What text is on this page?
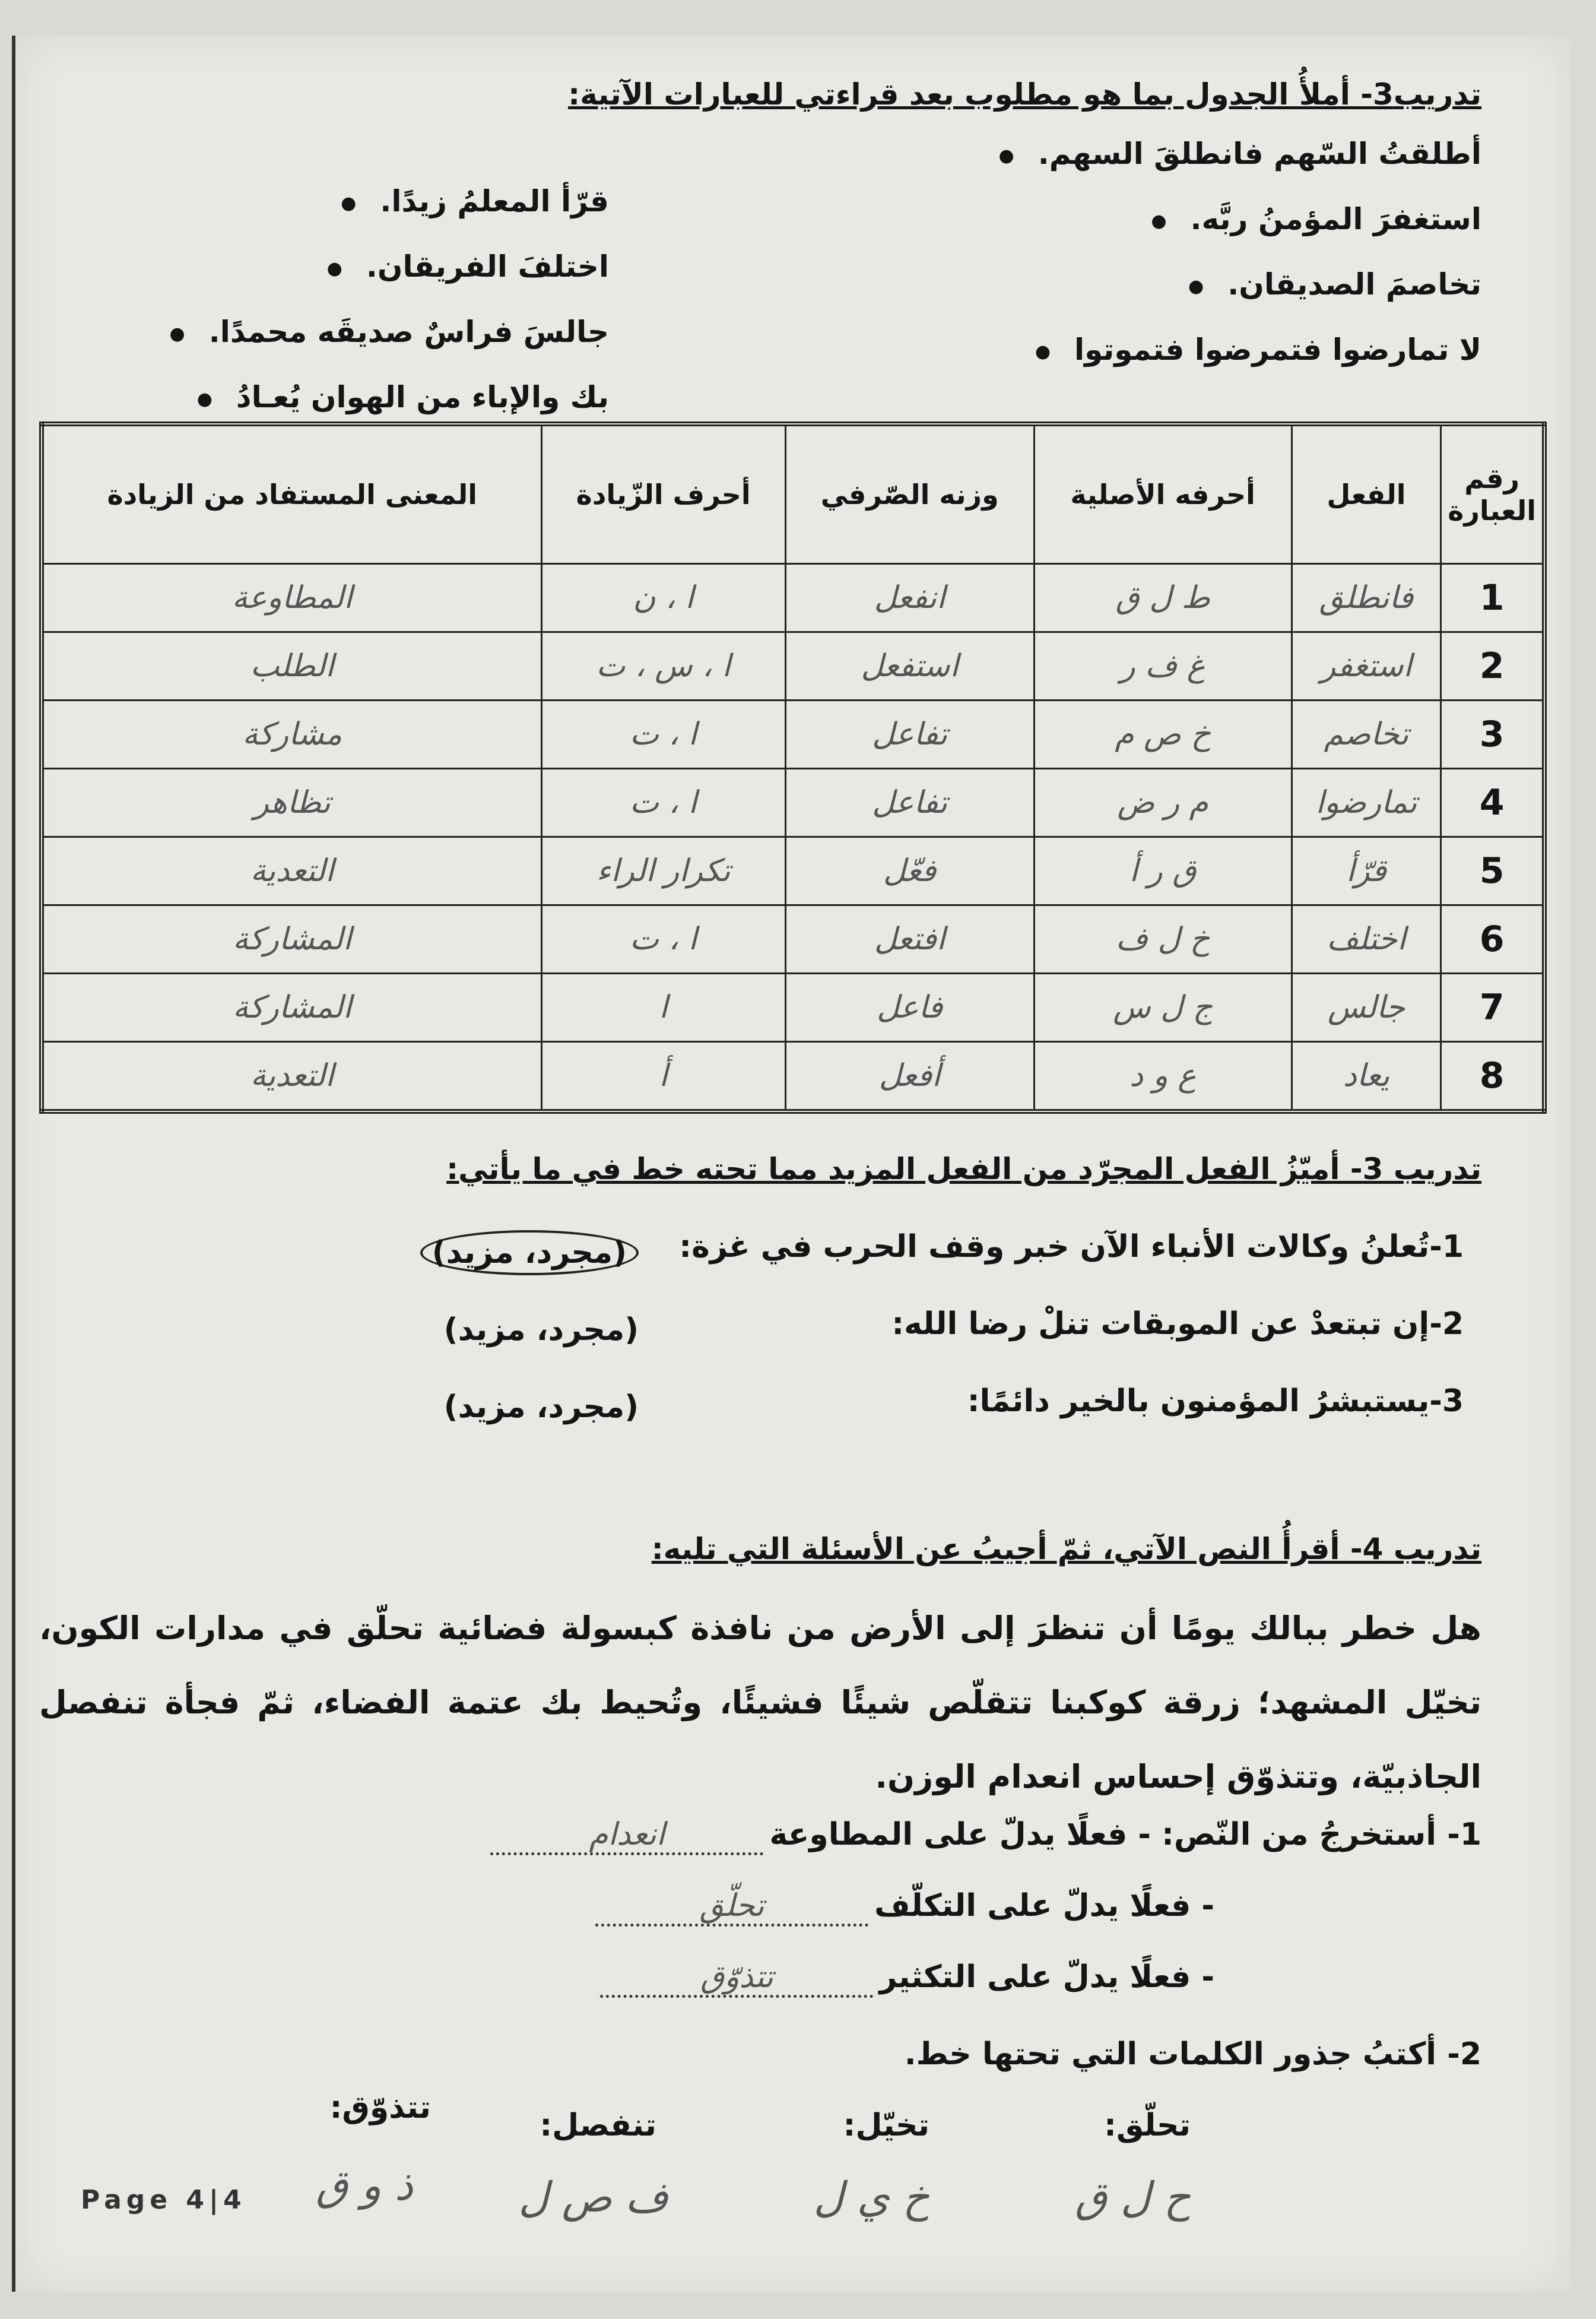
تدريب3- أملأُ الجدول بما هو مطلوب بعد قراءتي للعبارات الآتية:
أطلقتُ السّهم فانطلقَ السهم. ●
استغفرَ المؤمنُ ربَّه. ●
تخاصمَ الصديقان. ●
لا تمارضوا فتمرضوا فتموتوا ●
قرّأ المعلمُ زيدًا. ●
اختلفَ الفريقان. ●
جالسَ فراسٌ صديقَه محمدًا. ●
بك والإباء من الهوان يُعـادُ ●
رقم العبارة	الفعل	أحرفه الأصلية	وزنه الصّرفي	أحرف الزّيادة	المعنى المستفاد من الزيادة
1	فانطلق	ط ل ق	انفعل	ا ، ن	المطاوعة
2	استغفر	غ ف ر	استفعل	ا ، س ، ت	الطلب
3	تخاصم	خ ص م	تفاعل	ا ، ت	مشاركة
4	تمارضوا	م ر ض	تفاعل	ا ، ت	تظاهر
5	قرّأ	ق ر أ	فعّل	تكرار الراء	التعدية
6	اختلف	خ ل ف	افتعل	ا ، ت	المشاركة
7	جالس	ج ل س	فاعل	ا	المشاركة
8	يعاد	ع و د	أفعل	أ	التعدية
تدريب 3- أميّزُ الفعل المجرّد من الفعل المزيد مما تحته خط في ما يأتي:
1-تُعلنُ وكالات الأنباء الآن خبر وقف الحرب في غزة:
(مجرد، مزيد)
2-إن تبتعدْ عن الموبقات تنلْ رضا الله:
(مجرد، مزيد)
3-يستبشرُ المؤمنون بالخير دائمًا:
(مجرد، مزيد)
تدريب 4- أقرأُ النص الآتي، ثمّ أجيبُ عن الأسئلة التي تليه:
هل خطر ببالك يومًا أن تنظرَ إلى الأرض من نافذة كبسولة فضائية تحلّق في مدارات الكون، تخيّل المشهد؛ زرقة كوكبنا تتقلّص شيئًا فشيئًا، وتُحيط بك عتمة الفضاء، ثمّ فجأة تنفصل الجاذبيّة، وتتذوّق إحساس انعدام الوزن.
1- أستخرجُ من النّص: - فعلًا يدلّ على المطاوعةانعدام
- فعلًا يدلّ على التكلّفتحلّق
- فعلًا يدلّ على التكثيرتتذوّق
2- أكتبُ جذور الكلمات التي تحتها خط.
تحلّق:
تخيّل:
تنفصل:
تتذوّق:
ح ل ق
خ ي ل
ف ص ل
ذ و ق
Page 4|4
